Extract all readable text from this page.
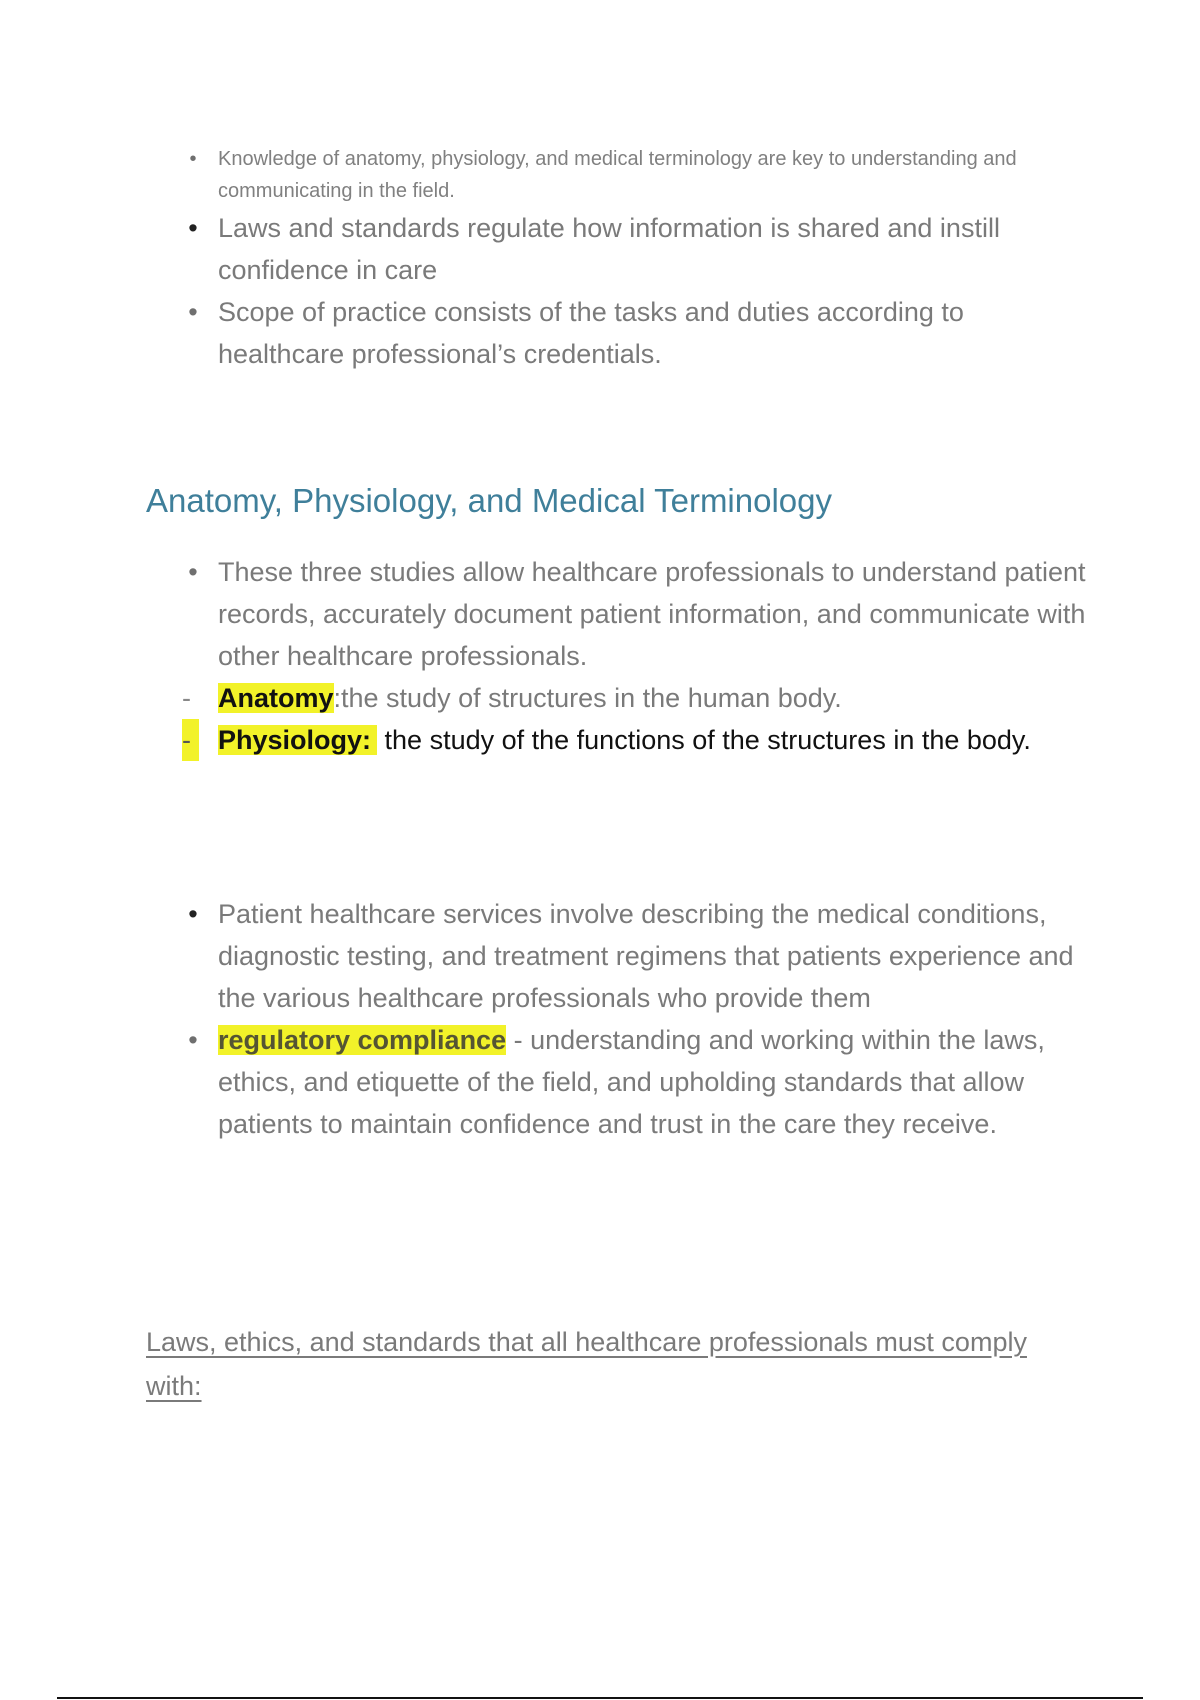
•	Knowledge of anatomy, physiology, and medical terminology are key to understanding and communicating in the field.
• Laws and standards regulate how information is shared and instill confidence in care
• Scope of practice consists of the tasks and duties according to healthcare professional’s credentials.
Anatomy, Physiology, and Medical Terminology
• These three studies allow healthcare professionals to understand patient records, accurately document patient information, and communicate with other healthcare professionals.
- Anatomy:the study of structures in the human body.
- Physiology: the study of the functions of the structures in the body.
• Patient healthcare services involve describing the medical conditions, diagnostic testing, and treatment regimens that patients experience and the various healthcare professionals who provide them
• regulatory compliance - understanding and working within the laws, ethics, and etiquette of the field, and upholding standards that allow patients to maintain confidence and trust in the care they receive.
Laws, ethics, and standards that all healthcare professionals must comply with:
